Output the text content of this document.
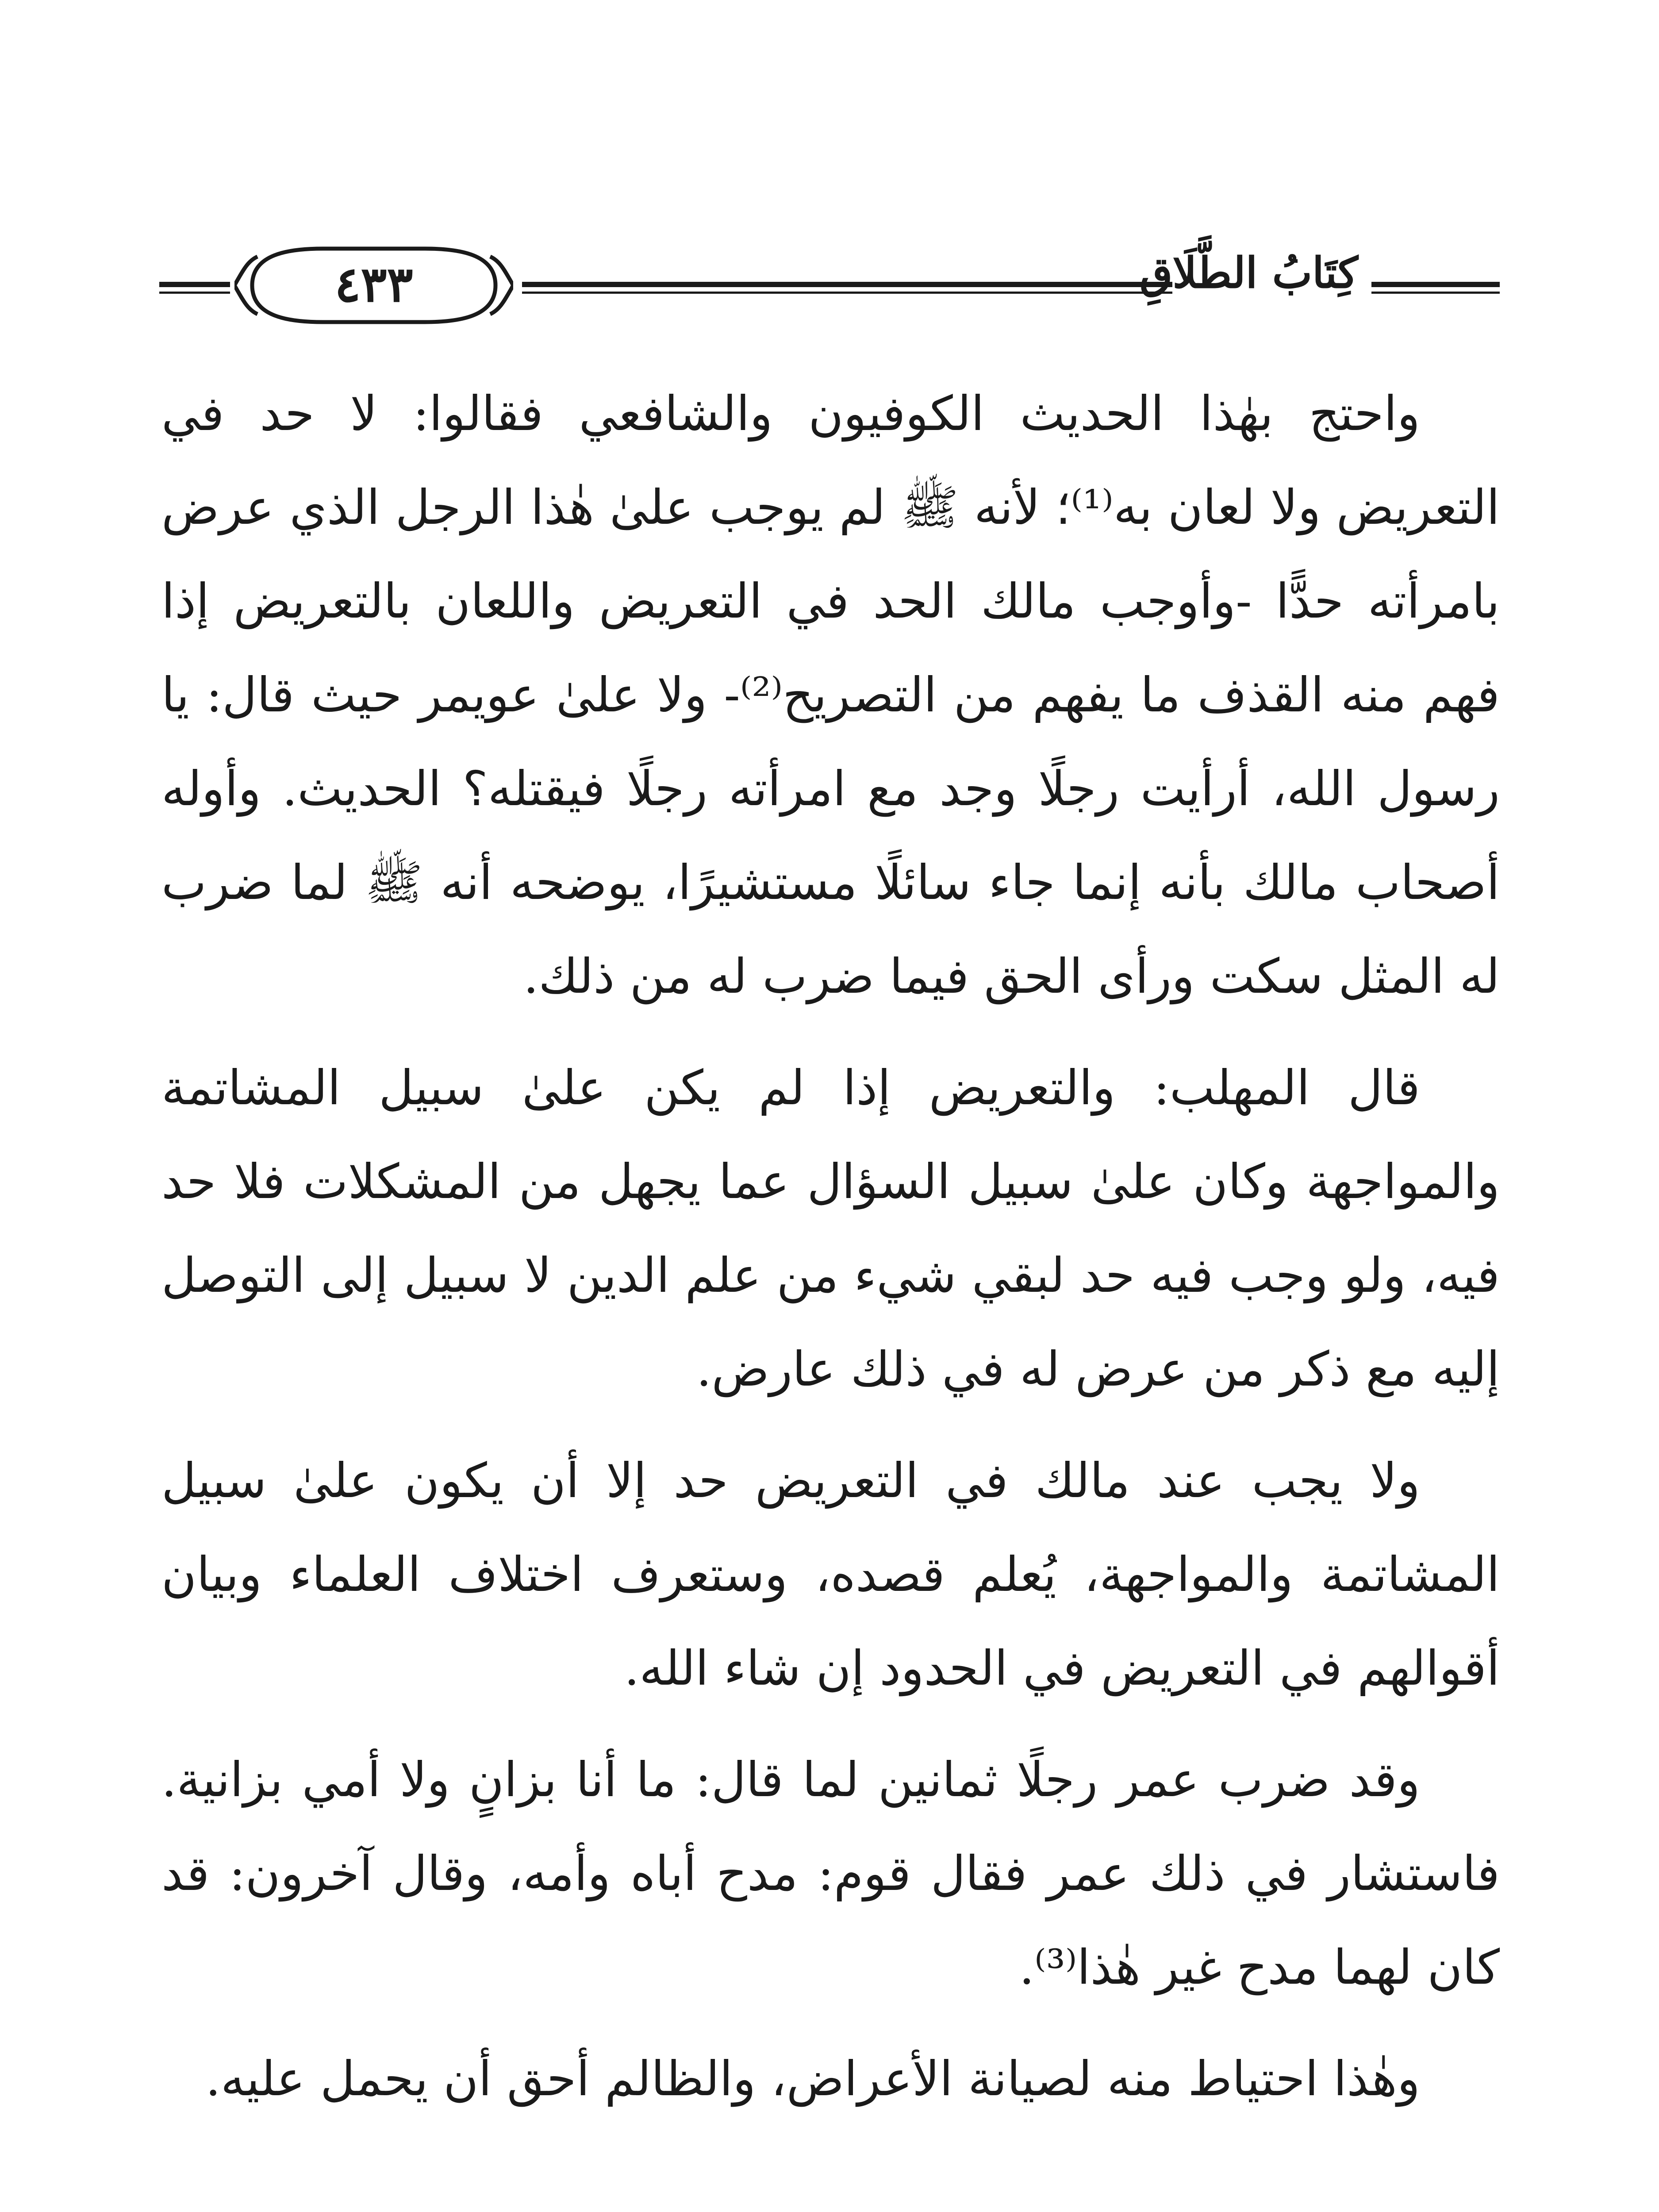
كِتَابُ الطَّلَاقِ
٤٣٣

واحتج بهٰذا الحديث الكوفيون والشافعي فقالوا: لا حد في التعريض ولا لعان به⁽¹⁾؛ لأنه ﷺ لم يوجب علىٰ هٰذا الرجل الذي عرض بامرأته حدًّا -وأوجب مالك الحد في التعريض واللعان بالتعريض إذا فهم منه القذف ما يفهم من التصريح⁽²⁾- ولا علىٰ عويمر حيث قال: يا رسول الله، أرأيت رجلًا وجد مع امرأته رجلًا فيقتله؟ الحديث. وأوله أصحاب مالك بأنه إنما جاء سائلًا مستشيرًا، يوضحه أنه ﷺ لما ضرب له المثل سكت ورأى الحق فيما ضرب له من ذلك.

قال المهلب: والتعريض إذا لم يكن علىٰ سبيل المشاتمة والمواجهة وكان علىٰ سبيل السؤال عما يجهل من المشكلات فلا حد فيه، ولو وجب فيه حد لبقي شيء من علم الدين لا سبيل إلى التوصل إليه مع ذكر من عرض له في ذلك عارض.

ولا يجب عند مالك في التعريض حد إلا أن يكون علىٰ سبيل المشاتمة والمواجهة، يُعلم قصده، وستعرف اختلاف العلماء وبيان أقوالهم في التعريض في الحدود إن شاء الله.

وقد ضرب عمر رجلًا ثمانين لما قال: ما أنا بزانٍ ولا أمي بزانية. فاستشار في ذلك عمر فقال قوم: مدح أباه وأمه، وقال آخرون: قد كان لهما مدح غير هٰذا⁽³⁾.

وهٰذا احتياط منه لصيانة الأعراض، والظالم أحق أن يحمل عليه.
